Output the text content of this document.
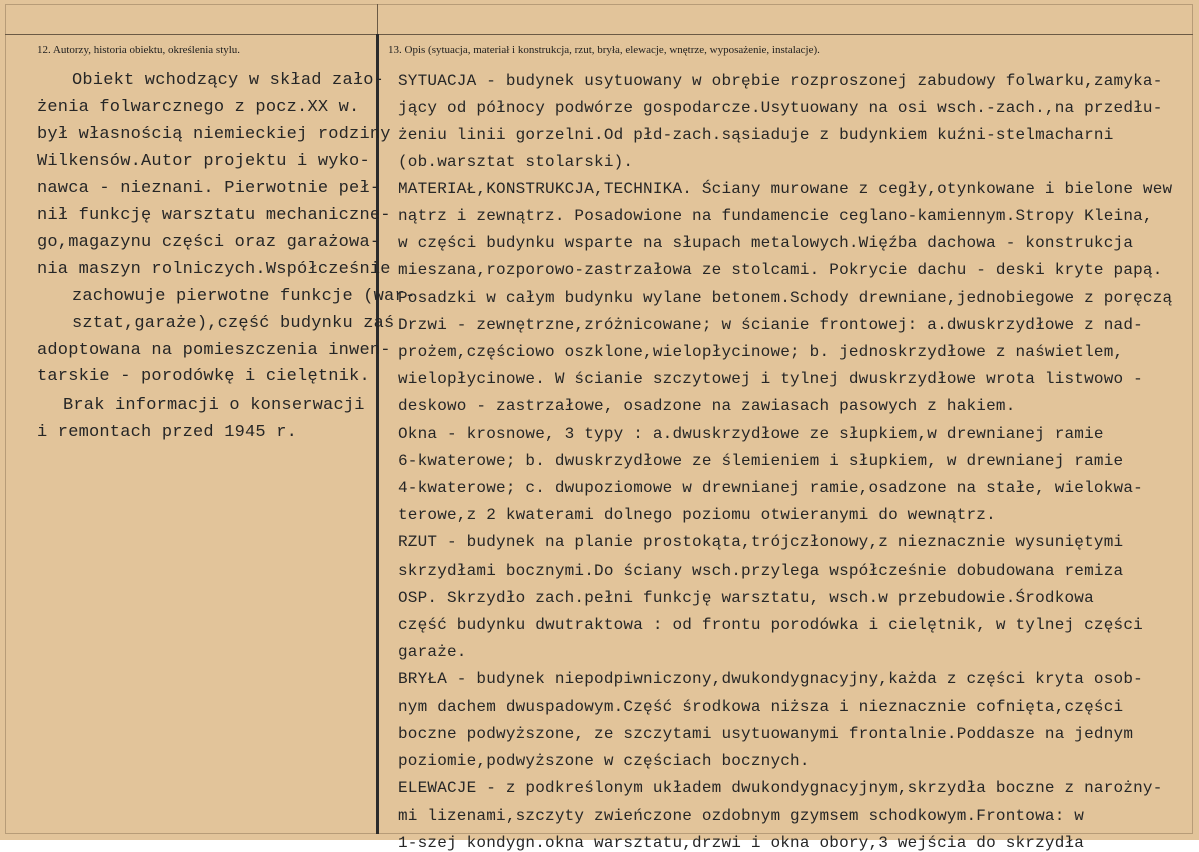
12. Autorzy, historia obiektu, określenia stylu.	13. Opis (sytuacja, materiał i konstrukcja, rzut, bryła, elewacje, wnętrze, wyposażenie, instalacje).
Obiekt wchodzący w skład zało-
żenia folwarcznego z pocz.XX w.
był własnością niemieckiej rodziny
Wilkensów.Autor projektu i wyko-
nawca - nieznani. Pierwotnie peł-
nił funkcję warsztatu mechaniczne-
go,magazynu części oraz garażowa-
nia maszyn rolniczych.Współcześnie
zachowuje pierwotne funkcje (war-
sztat,garaże),część budynku zaś
adoptowana na pomieszczenia inwen-
tarskie - porodówkę i cielętnik.
Brak informacji o konserwacji
i remontach przed 1945 r.
SYTUACJA - budynek usytuowany w obrębie rozproszonej zabudowy folwarku,zamyka-
jący od północy podwórze gospodarcze.Usytuowany na osi wsch.-zach.,na przedłu-
żeniu linii gorzelni.Od płd-zach.sąsiaduje z budynkiem kuźni-stelmacharni
(ob.warsztat stolarski).
MATERIAŁ,KONSTRUKCJA,TECHNIKA. Ściany murowane z cegły,otynkowane i bielone wew
nątrz i zewnątrz. Posadowione na fundamencie ceglano-kamiennym.Stropy Kleina,
w części budynku wsparte na słupach metalowych.Więźba dachowa - konstrukcja
mieszana,rozporowo-zastrzałowa ze stolcami. Pokrycie dachu - deski kryte papą.
Posadzki w całym budynku wylane betonem.Schody drewniane,jednobiegowe z poręczą
Drzwi - zewnętrzne,zróżnicowane; w ścianie frontowej: a.dwuskrzydłowe z nad-
prożem,częściowo oszklone,wielopłycinowe; b. jednoskrzydłowe z naświetlem,
wielopłycinowe. W ścianie szczytowej i tylnej dwuskrzydłowe wrota listwowo -
deskowo - zastrzałowe, osadzone na zawiasach pasowych z hakiem.
Okna - krosnowe, 3 typy : a.dwuskrzydłowe ze słupkiem,w drewnianej ramie
6-kwaterowe; b. dwuskrzydłowe ze ślemieniem i słupkiem, w drewnianej ramie
4-kwaterowe; c. dwupoziomowe w drewnianej ramie,osadzone na stałe, wielokwa-
terowe,z 2 kwaterami dolnego poziomu otwieranymi do wewnątrz.
RZUT - budynek na planie prostokąta,trójczłonowy,z nieznacznie wysuniętymi
skrzydłami bocznymi.Do ściany wsch.przylega współcześnie dobudowana remiza
OSP. Skrzydło zach.pełni funkcję warsztatu, wsch.w przebudowie.Środkowa
część budynku dwutraktowa : od frontu porodówka i cielętnik, w tylnej części
garaże.
BRYŁA - budynek niepodpiwniczony,dwukondygnacyjny,każda z części kryta osob-
nym dachem dwuspadowym.Część środkowa niższa i nieznacznie cofnięta,części
boczne podwyższone, ze szczytami usytuowanymi frontalnie.Poddasze na jednym
poziomie,podwyższone w częściach bocznych.
ELEWACJE - z podkreślonym układem dwukondygnacyjnym,skrzydła boczne z narożny-
mi lizenami,szczyty zwieńczone ozdobnym gzymsem schodkowym.Frontowa: w
1-szej kondygn.okna warsztatu,drzwi i okna obory,3 wejścia do skrzydła
